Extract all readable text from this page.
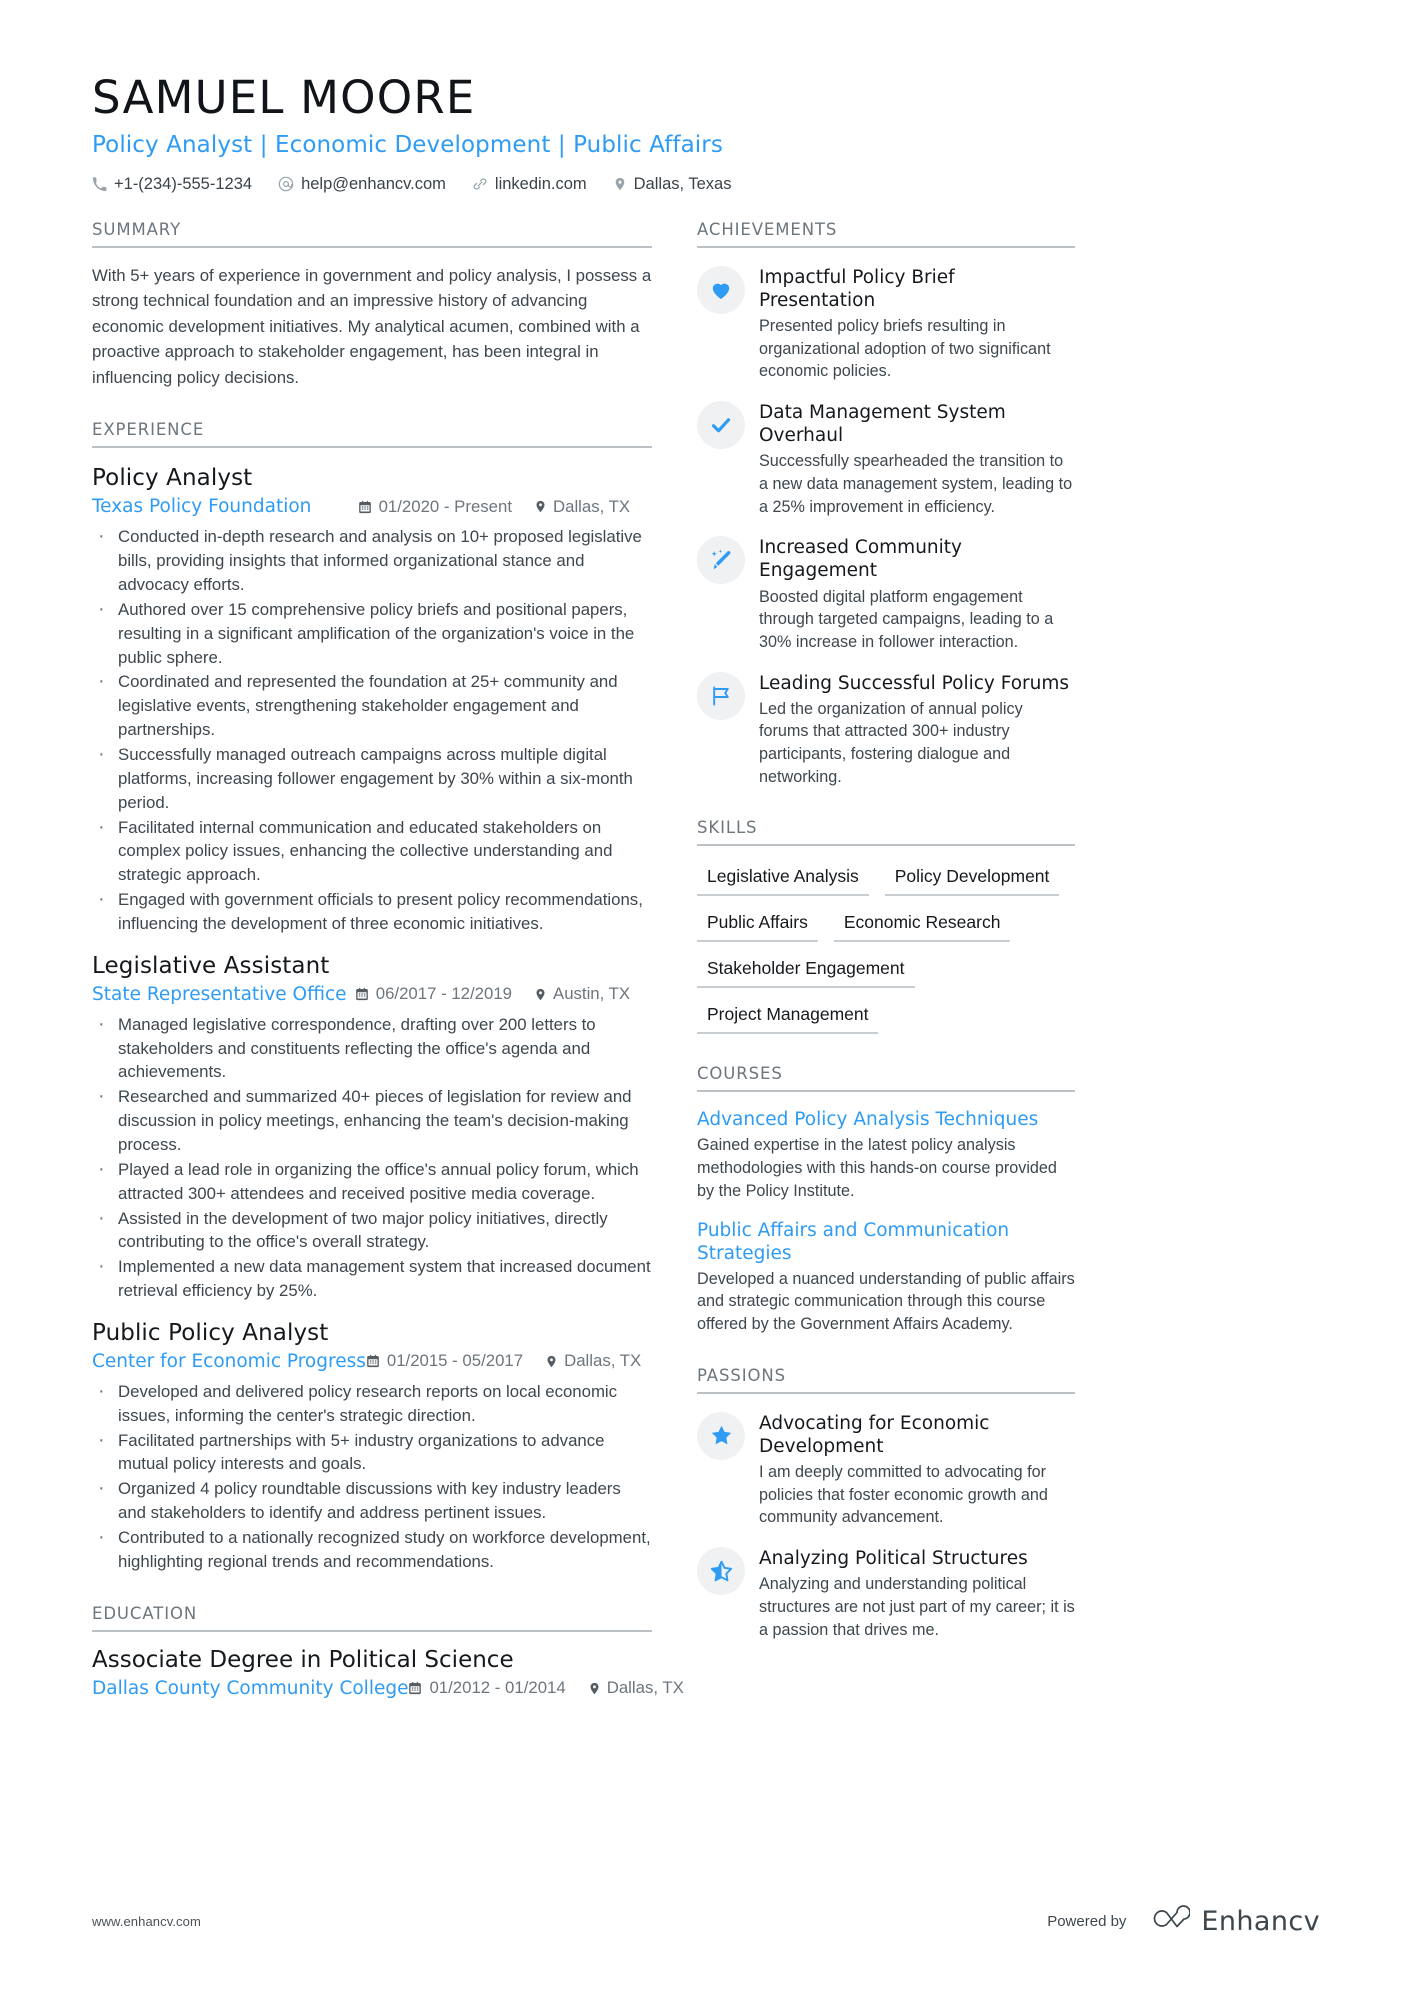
SAMUEL MOORE
Policy Analyst | Economic Development | Public Affairs
+1-(234)-555-1234	help@enhancv.com	linkedin.com	Dallas, Texas
SUMMARY
With 5+ years of experience in government and policy analysis, I possess a strong technical foundation and an impressive history of advancing economic development initiatives. My analytical acumen, combined with a proactive approach to stakeholder engagement, has been integral in influencing policy decisions.
EXPERIENCE
Policy Analyst
Texas Policy Foundation	01/2020 - Present Dallas, TX
· Conducted in-depth research and analysis on 10+ proposed legislative bills, providing insights that informed organizational stance and advocacy efforts.
· Authored over 15 comprehensive policy briefs and positional papers, resulting in a significant amplification of the organization's voice in the public sphere.
· Coordinated and represented the foundation at 25+ community and legislative events, strengthening stakeholder engagement and partnerships.
· Successfully managed outreach campaigns across multiple digital platforms, increasing follower engagement by 30% within a six-month period.
· Facilitated internal communication and educated stakeholders on complex policy issues, enhancing the collective understanding and strategic approach.
· Engaged with government officials to present policy recommendations, influencing the development of three economic initiatives.
Legislative Assistant
State Representative Office 06/2017 - 12/2019 Austin, TX
· Managed legislative correspondence, drafting over 200 letters to stakeholders and constituents reflecting the office's agenda and achievements.
· Researched and summarized 40+ pieces of legislation for review and discussion in policy meetings, enhancing the team's decision-making process.
· Played a lead role in organizing the office's annual policy forum, which attracted 300+ attendees and received positive media coverage.
· Assisted in the development of two major policy initiatives, directly contributing to the office's overall strategy.
· Implemented a new data management system that increased document retrieval efficiency by 25%.
Public Policy Analyst
Center for Economic Progress 01/2015 - 05/2017 Dallas, TX
· Developed and delivered policy research reports on local economic issues, informing the center's strategic direction.
· Facilitated partnerships with 5+ industry organizations to advance mutual policy interests and goals.
· Organized 4 policy roundtable discussions with key industry leaders and stakeholders to identify and address pertinent issues.
· Contributed to a nationally recognized study on workforce development, highlighting regional trends and recommendations.
EDUCATION
Associate Degree in Political Science
Dallas County Community College 01/2012 - 01/2014 Dallas, TX
ACHIEVEMENTS
Impactful Policy Brief Presentation
Presented policy briefs resulting in organizational adoption of two significant economic policies.
Data Management System Overhaul
Successfully spearheaded the transition to a new data management system, leading to a 25% improvement in efficiency.
Increased Community Engagement
Boosted digital platform engagement through targeted campaigns, leading to a 30% increase in follower interaction.
Leading Successful Policy Forums
Led the organization of annual policy forums that attracted 300+ industry participants, fostering dialogue and networking.
SKILLS
Legislative Analysis	Policy Development
Public Affairs	Economic Research
Stakeholder Engagement
Project Management
COURSES
Advanced Policy Analysis Techniques
Gained expertise in the latest policy analysis methodologies with this hands-on course provided by the Policy Institute.
Public Affairs and Communication Strategies
Developed a nuanced understanding of public affairs and strategic communication through this course offered by the Government Affairs Academy.
PASSIONS
Advocating for Economic Development
I am deeply committed to advocating for policies that foster economic growth and community advancement.
Analyzing Political Structures
Analyzing and understanding political structures are not just part of my career; it is a passion that drives me.
www.enhancv.com	Powered by	Enhancv
